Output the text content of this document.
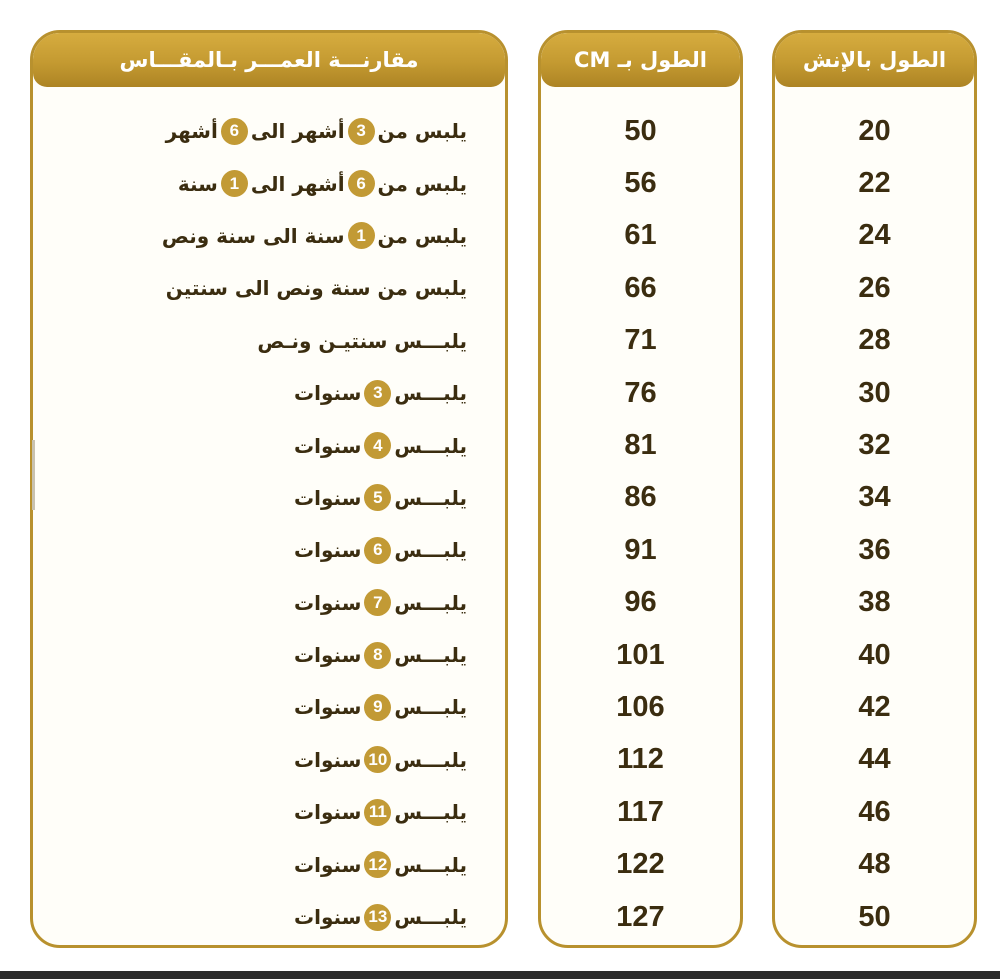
مقارنـــة العمـــر بـالمقـــاس
يلبس من
3
أشهر الى
6
أشهر
يلبس من
6
أشهر الى
1
سنة
يلبس من
1
سنة الى سنة ونص
يلبس من سنة ونص الى سنتين
يلبـــس سنتيـن ونـص
يلبـــس
3
سنوات
يلبـــس
4
سنوات
يلبـــس
5
سنوات
يلبـــس
6
سنوات
يلبـــس
7
سنوات
يلبـــس
8
سنوات
يلبـــس
9
سنوات
يلبـــس
10
سنوات
يلبـــس
11
سنوات
يلبـــس
12
سنوات
يلبـــس
13
سنوات
الطول بـ CM
50
56
61
66
71
76
81
86
91
96
101
106
112
117
122
127
الطول بالإنش
20
22
24
26
28
30
32
34
36
38
40
42
44
46
48
50
